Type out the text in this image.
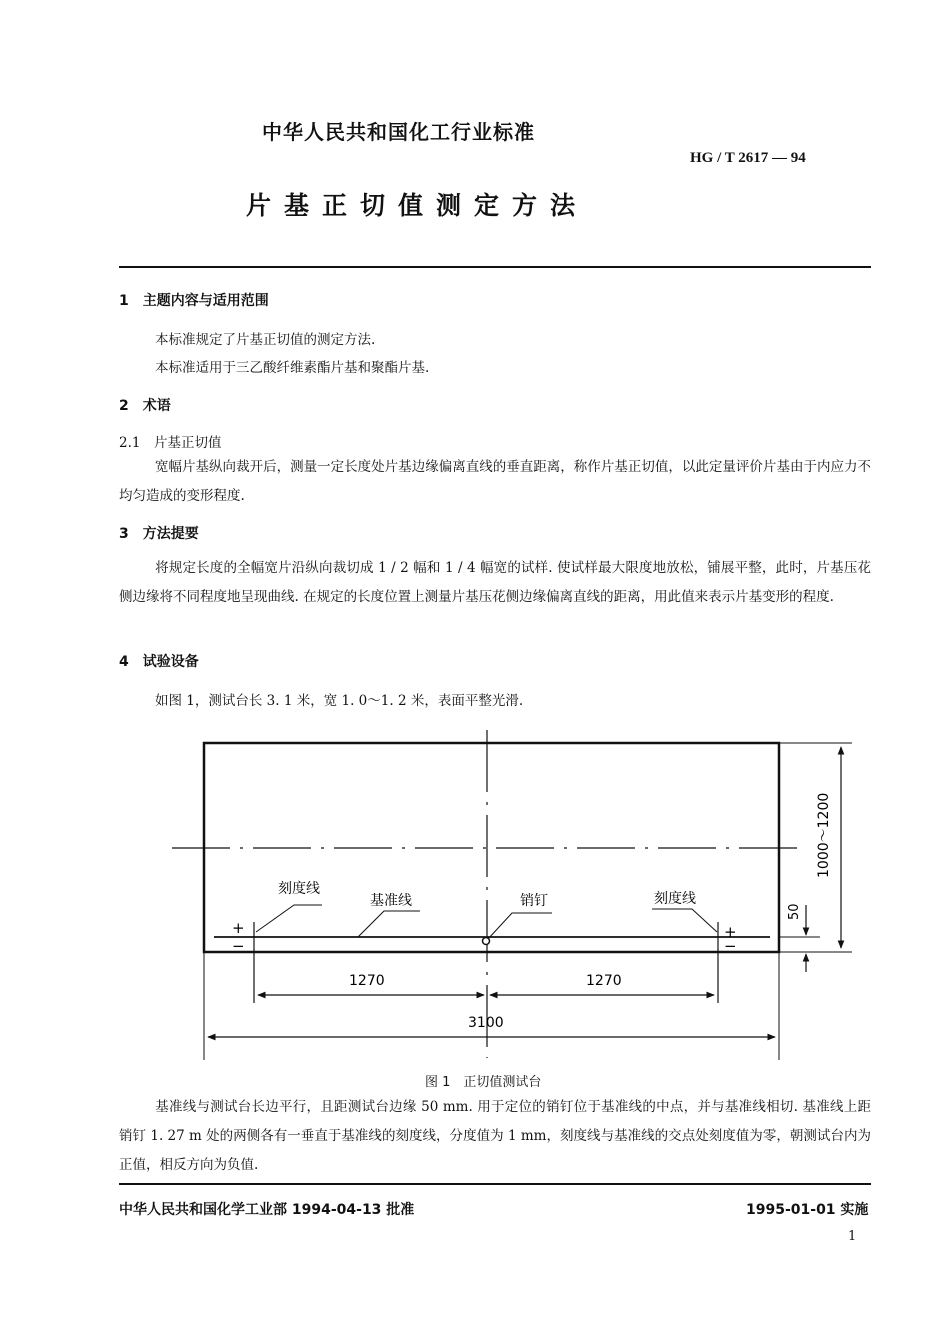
中华人民共和国化工行业标准
HG / T 2617 — 94
片基正切值测定方法
1　主题内容与适用范围
本标准规定了片基正切值的测定方法.
本标准适用于三乙酸纤维素酯片基和聚酯片基.
2　术语
2.1　片基正切值
宽幅片基纵向裁开后，测量一定长度处片基边缘偏离直线的垂直距离，称作片基正切值，以此定量评价片基由于内应力不均匀造成的变形程度.
3　方法提要
将规定长度的全幅宽片沿纵向裁切成 1 / 2 幅和 1 / 4 幅宽的试样. 使试样最大限度地放松，铺展平整，此时，片基压花侧边缘将不同程度地呈现曲线. 在规定的长度位置上测量片基压花侧边缘偏离直线的距离，用此值来表示片基变形的程度.
4　试验设备
如图 1，测试台长 3. 1 米，宽 1. 0～1. 2 米，表面平整光滑.
刻度线
基准线	销钉	刻度线
+
−
+
−
1270	1270
3100
1000～1200
50
图 1　正切值测试台
基准线与测试台长边平行，且距测试台边缘 50 mm. 用于定位的销钉位于基准线的中点，并与基准线相切. 基准线上距销钉 1. 27 m 处的两侧各有一垂直于基准线的刻度线，分度值为 1 mm，刻度线与基准线的交点处刻度值为零，朝测试台内为正值，相反方向为负值.
中华人民共和国化学工业部 1994-04-13 批准	1995-01-01 实施
1
